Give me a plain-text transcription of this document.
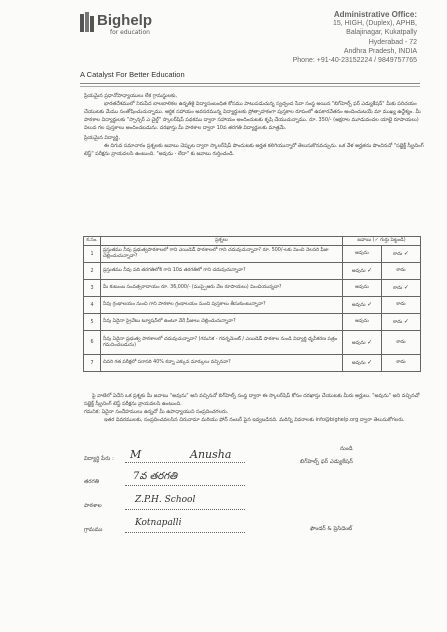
Bighelp
for education
A Catalyst For Better Education
Administrative Office:
15, HIGH, (Duplex), APHB,
Balajinagar, Kukatpally
Hyderabad - 72
Andhra Pradesh, INDIA
Phone: +91-40-23152224 / 9849757765

ప్రియమైన ప్రధానోపాధ్యాయులు లేక గ్రామస్థులకు,

భారతదేశములో నిరుపేద బాలబాలికల ఉన్నతికై విద్యాసంబంధిత కోసము పాటుపడుచున్న స్వచ్ఛంద సేవా సంస్థ అయిన "బిగ్‌హెల్ప్ ఫర్ ఎడ్యుకేషన్" మీకు పరిచయం చేయుటకు మేము సంతోషించుచున్నాము. ఆర్థిక సహాయం అవసరమున్న విద్యార్థులకు ప్రోత్సాహకంగా పుస్తకాల రూపంలో ఉపకారవేతనం అందించుటయే మా ముఖ్య ఉద్దేశ్యం. మీ పాఠశాల విద్యార్థులకు "స్పాన్సర్ ఎ చైల్డ్" స్కాలర్‌షిప్ పథకము ద్వారా సహాయం అందించుటకు కృషి చేయుచున్నాము. రూ. 350/- (అక్షరాల మూడువందల యాభై రూపాయలు) విలువ గల పుస్తకాలు అందించబడును. దరఖాస్తు మీ పాఠశాల ద్వారా 10వ తరగతి విద్యార్థులకు మాత్రమే.

ప్రియమైన విద్యార్థి,

ఈ దిగువ సమాచారం ప్రశ్నలకు జవాబు చెప్పుట ద్వారా స్కాలర్‌షిప్ పొందుటకు అర్హత కలిగియున్నారో తెలుసుకొనవచ్చును. ఒక వేళ అర్హతను పొందినచో "సబ్జెక్ట్ స్క్రీనింగ్ టెస్ట్" పరీక్షను వ్రాయవలసి ఉంటుంది. "అవును - లేదా" కు జవాబు గుర్తించండి.

క.సం.	ప్రశ్నలు	జవాబు (✓ గుర్తు పెట్టండి)	
1	ప్రస్తుతము నీవు ప్రభుత్వపాఠశాలలో గాని ఎయిడెడ్ పాఠశాలలో గాని చదువుచున్నావా? రూ. 500/-లకు మించి నెలసరి ఫీజు చెల్లించుచున్నావా?	అవును	కాదు ✓
2	ప్రస్తుతము నీవు పది తరగతిలోకి గాని 10వ తరగతిలో గాని చదువుచున్నావా?	అవును ✓	కాదు
3	మీ కుటుంబ సంవత్సరాదాయం రూ. 36,000/- (ముప్పైఆరు వేల రూపాయలు) మించియున్నదా?	అవును	కాదు ✓
4	నీవు గ్రంథాలయం నుంచి గాని పాఠశాల గ్రంథాలయం నుంచి పుస్తకాలు తీసుకుంటున్నావా?	అవును ✓	కాదు
5	నీవు ఏదైనా ప్రైవేటు ట్యూషన్‌లో ఉంటూ వేరే ఫీజులు చెల్లించుచున్నావా?	అవును	కాదు ✓
6	నీవు ఏదైనా ప్రభుత్వ పాఠశాలలో చదువుచున్నావా? (గమనిక - గవర్నమెంట్ / ఎయిడెడ్ పాఠశాల నుండి విద్యార్థి ధృవీకరణ పత్రం గమనించబడును)	అవును ✓	కాదు
7	చివరి గత పరీక్షలో సరాసరి 40% కన్నా ఎక్కువ మార్కులు వచ్చినవా?	అవును ✓	కాదు

పై వాటిలో ఏదేని ఒక ప్రశ్నకు మీ జవాబు "అవును" అని వచ్చినచో బిగ్‌హెల్ప్ సంస్థ ద్వారా ఈ స్కాలర్‌షిప్ కోసం దరఖాస్తు చేయుటకు మీరు అర్హులు. "అవును" అని వచ్చినచో సబ్జెక్ట్ స్క్రీనింగ్ టెస్ట్ పరీక్షను వ్రాయవలసి ఉంటుంది.

గమనిక: ఏదైనా సందేహములు ఉన్నచో మీ ఉపాధ్యాయుని సంప్రదించగలరు.

ఇతర వివరములకు, సంప్రదించవలసిన చిరునామా మరియు ఫోన్ నంబర్ పైన ఇవ్వబడినది. మరిన్ని వివరాలకు info@bighelp.org ద్వారా తెలుసుకోగలరు.

విద్యార్థి పేరు : M	Anusha
తరగతి	7వ తరగతి
పాఠశాల
Z.P.H. School
గ్రామము
Kotnapalli
నుండి
బిగ్‌హెల్ప్ ఫర్ ఎడ్యుకేషన్
ఫౌండర్ & ప్రెసిడెంట్
